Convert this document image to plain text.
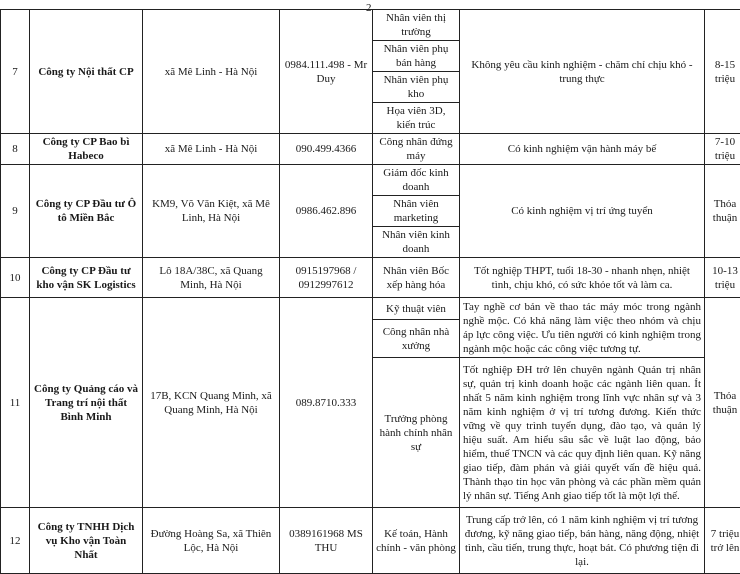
2
7	Công ty Nội thất CP	xã Mê Linh - Hà Nội	0984.111.498 - Mr Duy	Nhân viên thị trường	Không yêu cầu kinh nghiệm - chăm chỉ chịu khó - trung thực	8-15 triệu
				Nhân viên phụ bán hàng		
				Nhân viên phụ kho		
				Họa viên 3D, kiến trúc		
8	Công ty CP Bao bì Habeco	xã Mê Linh - Hà Nội	090.499.4366	Công nhân đứng máy	Có kinh nghiệm vận hành máy bế	7-10 triệu
9	Công ty CP Đầu tư Ô tô Miền Bắc	KM9, Võ Văn Kiệt, xã Mê Linh, Hà Nội	0986.462.896	Giám đốc kinh doanh	Có kinh nghiệm vị trí ứng tuyển	Thỏa thuận
				Nhân viên marketing		
				Nhân viên kinh doanh		
10	Công ty CP Đầu tư kho vận SK Logistics	Lô 18A/38C, xã Quang Minh, Hà Nội	0915197968 / 0912997612	Nhân viên Bốc xếp hàng hóa	Tốt nghiệp THPT, tuổi 18-30 - nhanh nhẹn, nhiệt tình, chịu khó, có sức khỏe tốt và làm ca.	10-13 triệu
11	Công ty Quảng cáo và Trang trí nội thất Bình Minh	17B, KCN Quang Minh, xã Quang Minh, Hà Nội	089.8710.333	Kỹ thuật viên	Tay nghề cơ bản về thao tác máy móc trong ngành nghề mộc. Có khả năng làm việc theo nhóm và chịu áp lực công việc. Ưu tiên người có kinh nghiệm trong ngành mộc hoặc các công việc tương tự.	Thỏa thuận
				Công nhân nhà xưởng		
				Trưởng phòng hành chính nhân sự	Tốt nghiệp ĐH trở lên chuyên ngành Quản trị nhân sự, quản trị kinh doanh hoặc các ngành liên quan. Ít nhất 5 năm kinh nghiệm trong lĩnh vực nhân sự và 3 năm kinh nghiệm ở vị trí tương đương. Kiến thức vững về quy trình tuyển dụng, đào tạo, và quản lý hiệu suất. Am hiểu sâu sắc về luật lao động, bảo hiểm, thuế TNCN và các quy định liên quan. Kỹ năng giao tiếp, đàm phán và giải quyết vấn đề hiệu quả. Thành thạo tin học văn phòng và các phần mềm quản lý nhân sự. Tiếng Anh giao tiếp tốt là một lợi thế.	
12	Công ty TNHH Dịch vụ Kho vận Toàn Nhất	Đường Hoàng Sa, xã Thiên Lộc, Hà Nội	0389161968 MS THU	Kế toán, Hành chính - văn phòng	Trung cấp trở lên, có 1 năm kinh nghiệm vị trí tương đương, kỹ năng giao tiếp, bán hàng, năng động, nhiệt tình, cầu tiến, trung thực, hoạt bát. Có phương tiện đi lại.	7 triệu trở lên
